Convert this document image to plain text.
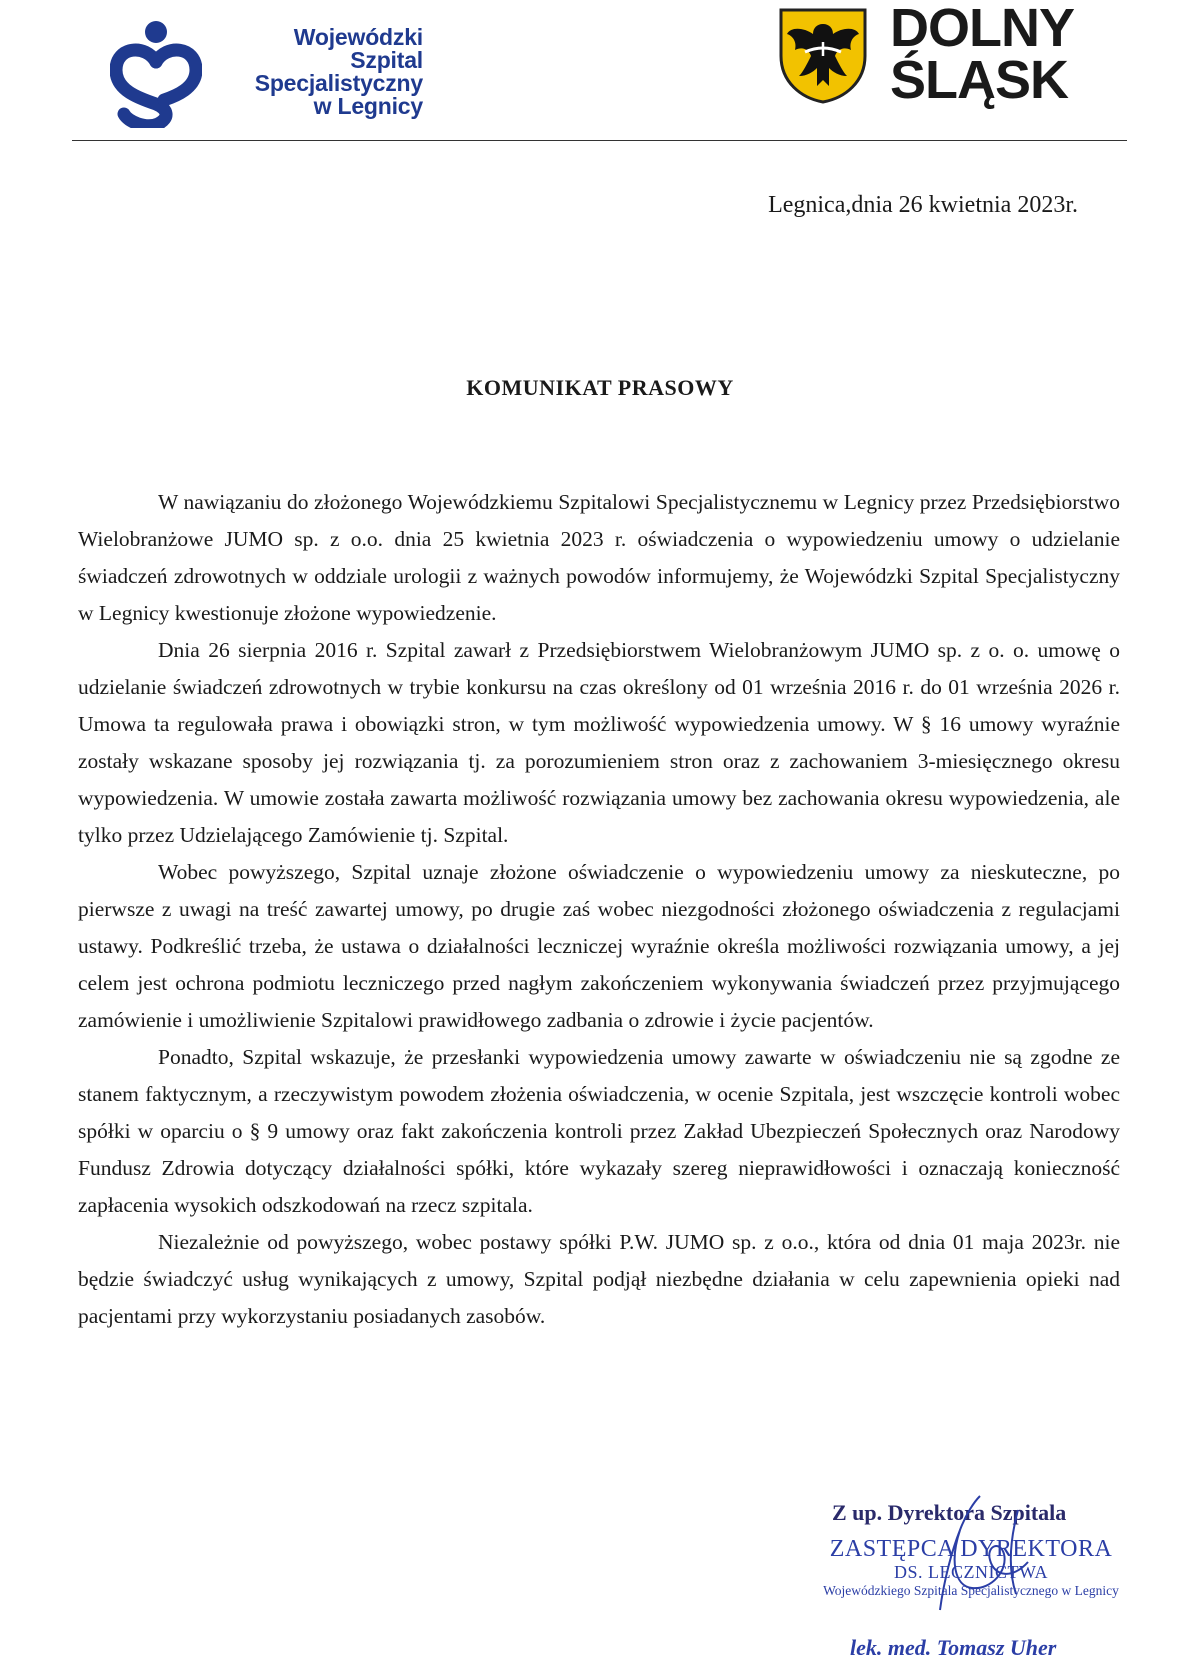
Wojewódzki
Szpital
Specjalistyczny
w Legnicy
DOLNY
ŚLĄSK
Legnica,dnia 26 kwietnia 2023r.
KOMUNIKAT PRASOWY

W nawiązaniu do złożonego Wojewódzkiemu Szpitalowi Specjalistycznemu w Legnicy przez Przedsiębiorstwo Wielobranżowe JUMO sp. z o.o. dnia 25 kwietnia 2023 r. oświadczenia o wypowiedzeniu umowy o udzielanie świadczeń zdrowotnych w oddziale urologii z ważnych powodów informujemy, że Wojewódzki Szpital Specjalistyczny w Legnicy kwestionuje złożone wypowiedzenie.

Dnia 26 sierpnia 2016 r. Szpital zawarł z Przedsiębiorstwem Wielobranżowym JUMO sp. z o. o. umowę o udzielanie świadczeń zdrowotnych w trybie konkursu na czas określony od 01 września 2016 r. do 01 września 2026 r. Umowa ta regulowała prawa i obowiązki stron, w tym możliwość wypowiedzenia umowy. W § 16 umowy wyraźnie zostały wskazane sposoby jej rozwiązania tj. za porozumieniem stron oraz z zachowaniem 3-miesięcznego okresu wypowiedzenia. W umowie została zawarta możliwość rozwiązania umowy bez zachowania okresu wypowiedzenia, ale tylko przez Udzielającego Zamówienie tj. Szpital.

Wobec powyższego, Szpital uznaje złożone oświadczenie o wypowiedzeniu umowy za nieskuteczne, po pierwsze z uwagi na treść zawartej umowy, po drugie zaś wobec niezgodności złożonego oświadczenia z regulacjami ustawy. Podkreślić trzeba, że ustawa o działalności leczniczej wyraźnie określa możliwości rozwiązania umowy, a jej celem jest ochrona podmiotu leczniczego przed nagłym zakończeniem wykonywania świadczeń przez przyjmującego zamówienie i umożliwienie Szpitalowi prawidłowego zadbania o zdrowie i życie pacjentów.

Ponadto, Szpital wskazuje, że przesłanki wypowiedzenia umowy zawarte w oświadczeniu nie są zgodne ze stanem faktycznym, a rzeczywistym powodem złożenia oświadczenia, w ocenie Szpitala, jest wszczęcie kontroli wobec spółki w oparciu o § 9 umowy oraz fakt zakończenia kontroli przez Zakład Ubezpieczeń Społecznych oraz Narodowy Fundusz Zdrowia dotyczący działalności spółki, które wykazały szereg nieprawidłowości i oznaczają konieczność zapłacenia wysokich odszkodowań na rzecz szpitala.

Niezależnie od powyższego, wobec postawy spółki P.W. JUMO sp. z o.o., która od dnia 01 maja 2023r. nie będzie świadczyć usług wynikających z umowy, Szpital podjął niezbędne działania w celu zapewnienia opieki nad pacjentami przy wykorzystaniu posiadanych zasobów.

Z up. Dyrektora Szpitala
ZASTĘPCA DYREKTORA
DS. LECZNICTWA
Wojewódzkiego Szpitala Specjalistycznego w Legnicy
lek. med. Tomasz Uher
